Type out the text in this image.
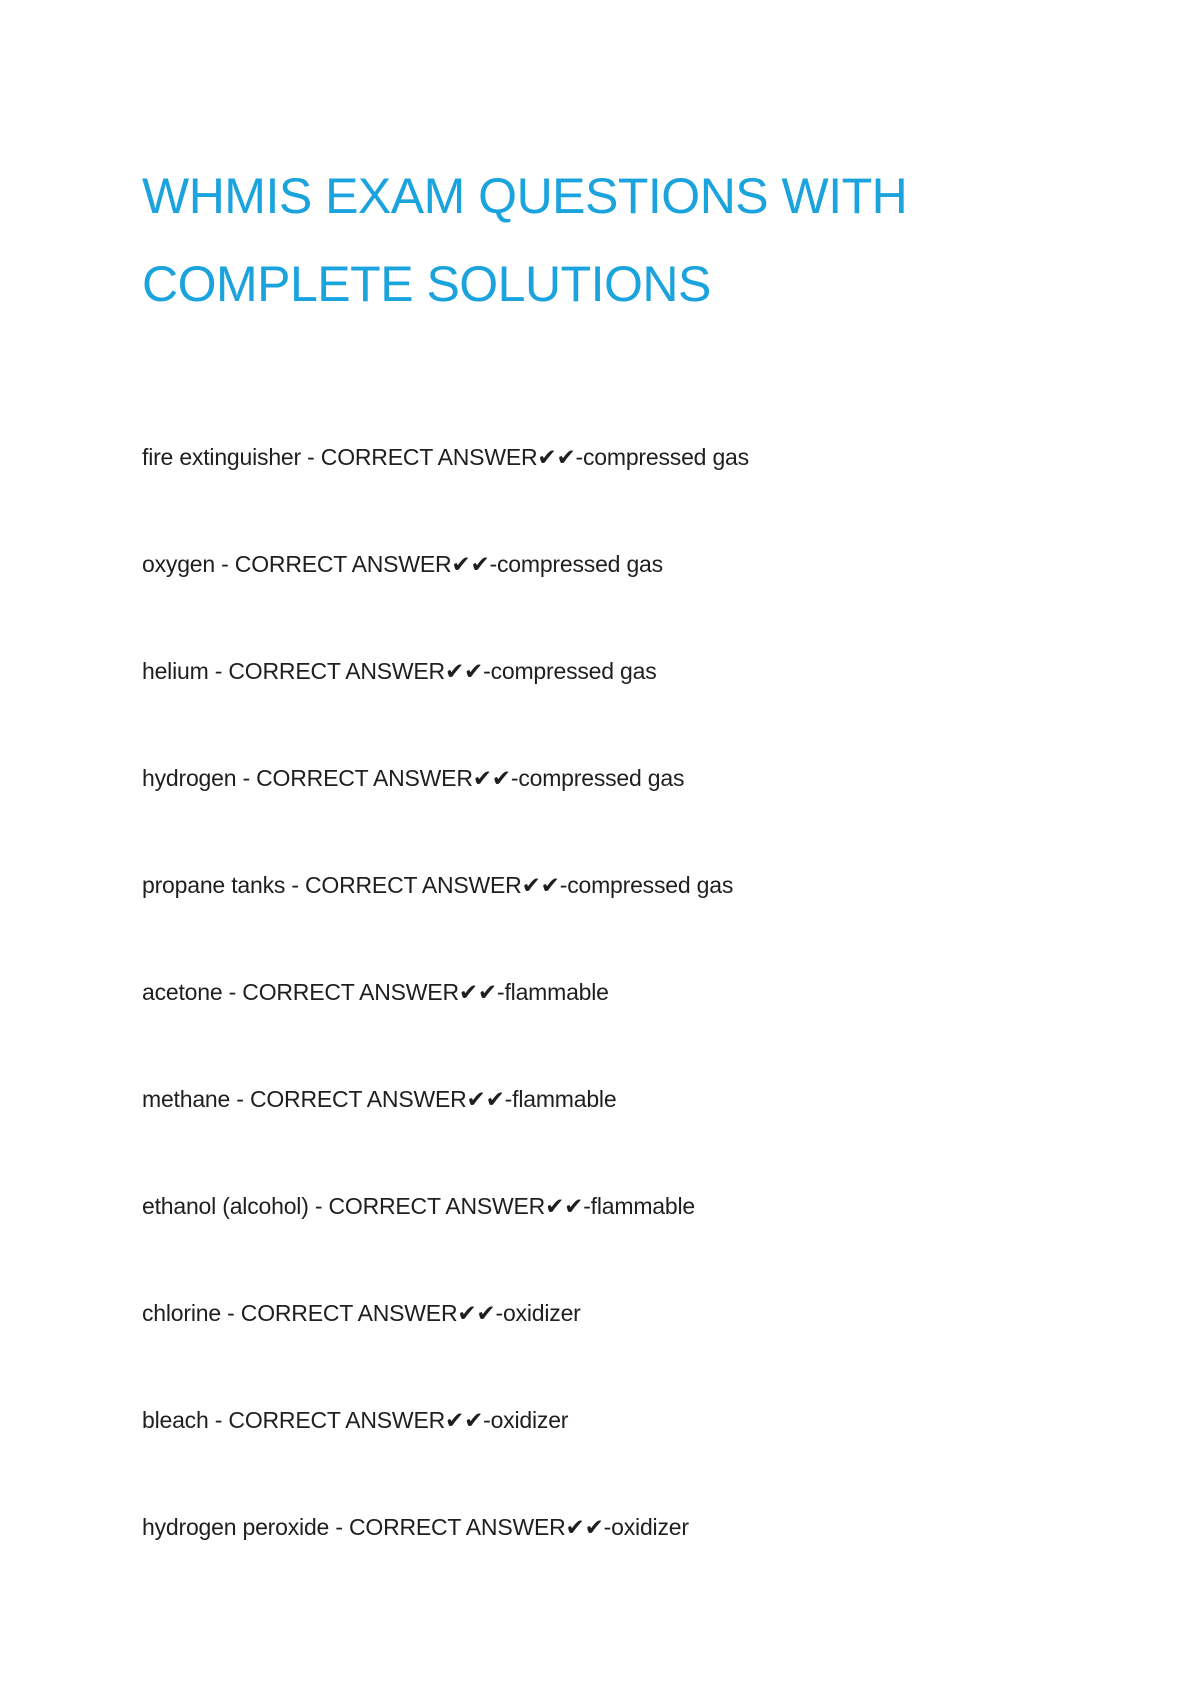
WHMIS EXAM QUESTIONS WITH
COMPLETE SOLUTIONS
fire extinguisher - CORRECT ANSWER✔✔-compressed gas
oxygen - CORRECT ANSWER✔✔-compressed gas
helium - CORRECT ANSWER✔✔-compressed gas
hydrogen - CORRECT ANSWER✔✔-compressed gas
propane tanks - CORRECT ANSWER✔✔-compressed gas
acetone - CORRECT ANSWER✔✔-flammable
methane - CORRECT ANSWER✔✔-flammable
ethanol (alcohol) - CORRECT ANSWER✔✔-flammable
chlorine - CORRECT ANSWER✔✔-oxidizer
bleach - CORRECT ANSWER✔✔-oxidizer
hydrogen peroxide - CORRECT ANSWER✔✔-oxidizer
